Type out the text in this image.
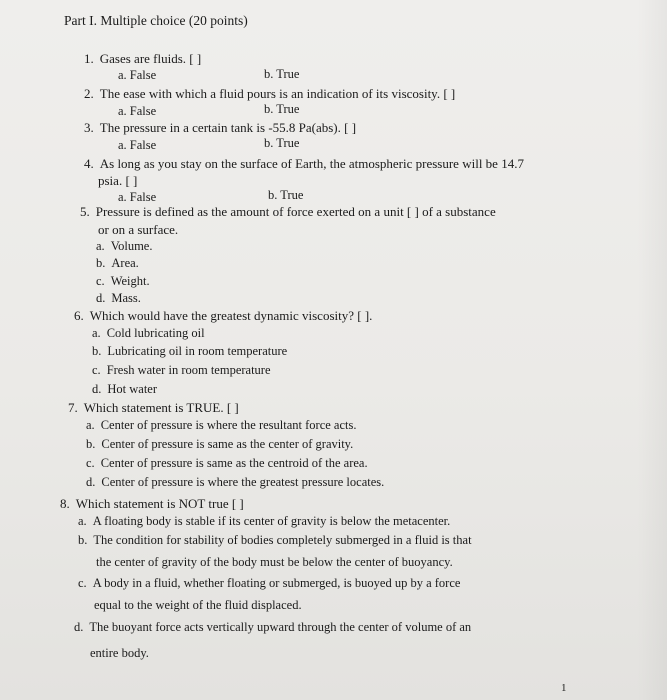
Part I. Multiple choice (20 points)
1. Gases are fluids. [ ]
a. False	b. True
2. The ease with which a fluid pours is an indication of its viscosity. [ ]
a. False	b. True
3. The pressure in a certain tank is -55.8 Pa(abs). [ ]
a. False	b. True
4. As long as you stay on the surface of Earth, the atmospheric pressure will be 14.7
psia. [ ]
a. False	b. True
5. Pressure is defined as the amount of force exerted on a unit [ ] of a substance
or on a surface.
a. Volume.
b. Area.
c. Weight.
d. Mass.
6. Which would have the greatest dynamic viscosity? [ ].
a. Cold lubricating oil
b. Lubricating oil in room temperature
c. Fresh water in room temperature
d. Hot water
7. Which statement is TRUE. [ ]
a. Center of pressure is where the resultant force acts.
b. Center of pressure is same as the center of gravity.
c. Center of pressure is same as the centroid of the area.
d. Center of pressure is where the greatest pressure locates.
8. Which statement is NOT true [ ]
a. A floating body is stable if its center of gravity is below the metacenter.
b. The condition for stability of bodies completely submerged in a fluid is that
the center of gravity of the body must be below the center of buoyancy.
c. A body in a fluid, whether floating or submerged, is buoyed up by a force
equal to the weight of the fluid displaced.
d. The buoyant force acts vertically upward through the center of volume of an
entire body.
1
